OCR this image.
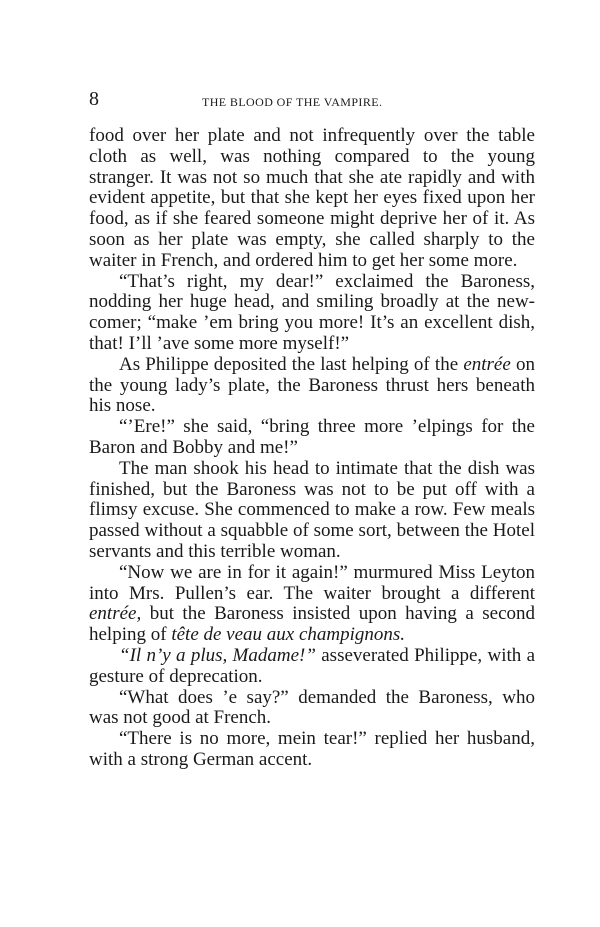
8	THE BLOOD OF THE VAMPIRE.

food over her plate and not infrequently over the table cloth as well, was nothing compared to the young stranger. It was not so much that she ate rapidly and with evident appetite, but that she kept her eyes fixed upon her food, as if she feared someone might deprive her of it. As soon as her plate was empty, she called sharply to the waiter in French, and ordered him to get her some more.

“That’s right, my dear!” exclaimed the Baroness, nodding her huge head, and smiling broadly at the newcomer; “make ’em bring you more! It’s an excellent dish, that! I’ll ’ave some more myself!”

As Philippe deposited the last helping of the entrée on the young lady’s plate, the Baroness thrust hers beneath his nose.

“’Ere!” she said, “bring three more ’elpings for the Baron and Bobby and me!”

The man shook his head to intimate that the dish was finished, but the Baroness was not to be put off with a flimsy excuse. She commenced to make a row. Few meals passed without a squabble of some sort, between the Hotel servants and this terrible woman.

“Now we are in for it again!” murmured Miss Leyton into Mrs. Pullen’s ear. The waiter brought a different entrée, but the Baroness insisted upon having a second helping of tête de veau aux champignons.

“Il n’y a plus, Madame!” asseverated Philippe, with a gesture of deprecation.

“What does ’e say?” demanded the Baroness, who was not good at French.

“There is no more, mein tear!” replied her husband, with a strong German accent.
